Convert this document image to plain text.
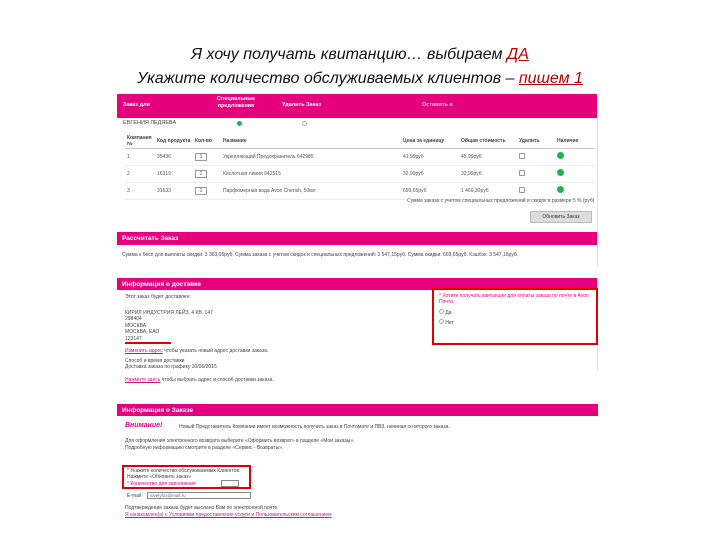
Я хочу получать квитанцию… выбираем ДА
Укажите количество обслуживаемых клиентов – пишем 1
Заказ для
Специальные предложения	Удалить Заказ	Оставить в
ЕВГЕНИЯ ЛЕДЯЕВА
Компания №	Код продукта	Кол-во	Название	Цена за единицу	Общая стоимость	Удалить	Наличие
1	35436	1	Укрепляющий Предохранитель 642985	41,99руб	45,99руб		
2	16319	1	Кислотная линия 042515	32,99руб	32,99руб		
3	31633	1	Парфюмерная вода Avon Cherish, 50мл	699,65руб	1 469,30руб		
Сумма заказа с учетом специальных предложений и скидок в размере 5 % (руб)
Обновить Заказ
Рассчитать Заказ
Сумма к бесп для выплаты скидки: 3 363,05руб. Сумма заказа с учетом скидок и специальных предложений: 3 547,15руб. Сумма скидки: 669,65руб. Кэшбэк: 3 547,15руб.
Информация о доставке
Этот заказ будет доставлен:
КИРИЛ ИНДУСТРИЯ ЛЕЙЗ, 4 КВ. 147
298404
МОСКВА
МОСКВА, ЕАО
123147
Изменить адрес чтобы указать новый адрес доставки заказа.
Способ и время доставки
Доставка заказа по графику 30/06/2015
* Хотите получать квитанции для оплаты заказа по почте в Avon Почта
Да
Нет
Нажмите здесь чтобы выбрать адрес и способ доставки заказа.
Информация о Заказе
Внимание!	Новый Представитель Компании имеет возможность получить заказ в Почтомате и ПВЗ, начиная со второго заказа.
Для оформления электронного возврата выберите «Оформить возврат» в разделе «Мои заказы».
Подробную информацию смотрите в разделе «Сервис - Возвраты».
* Укажите количество обслуживаемых Клиентов.
Нажмите «Обновить заказ»
* Количество для заполнения
E-mail	lovelyfox@mail.ru
Подтверждение заказа будет выслано Вам по электронной почте.
Я ознакомлен(а) с Условиями предоставления услуги и Пользовательским соглашением
